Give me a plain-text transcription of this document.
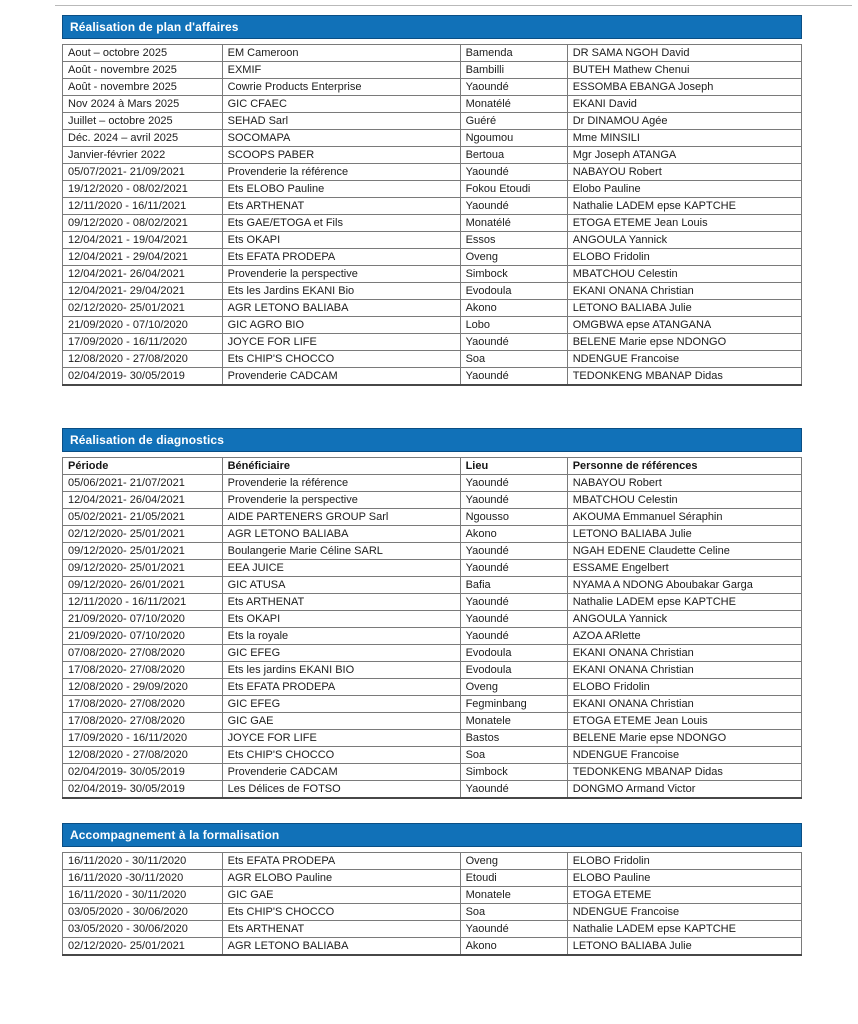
Réalisation de plan d'affaires
Aout – octobre 2025	EM Cameroon	Bamenda	DR SAMA NGOH David
Août - novembre 2025	EXMIF	Bambilli	BUTEH Mathew Chenui
Août - novembre 2025	Cowrie Products Enterprise	Yaoundé	ESSOMBA EBANGA Joseph
Nov 2024 à Mars 2025	GIC CFAEC	Monatélé	EKANI David
Juillet – octobre 2025	SEHAD Sarl	Guéré	Dr DINAMOU Agée
Déc. 2024 – avril 2025	SOCOMAPA	Ngoumou	Mme MINSILI
Janvier-février 2022	SCOOPS PABER	Bertoua	Mgr Joseph ATANGA
05/07/2021- 21/09/2021	Provenderie la référence	Yaoundé	NABAYOU Robert
19/12/2020 - 08/02/2021	Ets ELOBO Pauline	Fokou Etoudi	Elobo Pauline
12/11/2020 - 16/11/2021	Ets ARTHENAT	Yaoundé	Nathalie LADEM epse KAPTCHE
09/12/2020 - 08/02/2021	Ets GAE/ETOGA et Fils	Monatélé	ETOGA ETEME Jean Louis
12/04/2021 - 19/04/2021	Ets OKAPI	Essos	ANGOULA Yannick
12/04/2021 - 29/04/2021	Ets EFATA PRODEPA	Oveng	ELOBO Fridolin
12/04/2021- 26/04/2021	Provenderie la perspective	Simbock	MBATCHOU Celestin
12/04/2021- 29/04/2021	Ets les Jardins EKANI Bio	Evodoula	EKANI ONANA Christian
02/12/2020- 25/01/2021	AGR LETONO BALIABA	Akono	LETONO BALIABA Julie
21/09/2020 - 07/10/2020	GIC AGRO BIO	Lobo	OMGBWA epse ATANGANA
17/09/2020 - 16/11/2020	JOYCE FOR LIFE	Yaoundé	BELENE Marie epse NDONGO
12/08/2020 - 27/08/2020	Ets CHIP'S CHOCCO	Soa	NDENGUE Francoise
02/04/2019- 30/05/2019	Provenderie CADCAM	Yaoundé	TEDONKENG MBANAP Didas
Réalisation de diagnostics
Période	Bénéficiaire	Lieu	Personne de références
05/06/2021- 21/07/2021	Provenderie la référence	Yaoundé	NABAYOU Robert
12/04/2021- 26/04/2021	Provenderie la perspective	Yaoundé	MBATCHOU Celestin
05/02/2021- 21/05/2021	AIDE PARTENERS GROUP Sarl	Ngousso	AKOUMA Emmanuel Séraphin
02/12/2020- 25/01/2021	AGR LETONO BALIABA	Akono	LETONO BALIABA Julie
09/12/2020- 25/01/2021	Boulangerie Marie Céline SARL	Yaoundé	NGAH EDENE Claudette Celine
09/12/2020- 25/01/2021	EEA JUICE	Yaoundé	ESSAME Engelbert
09/12/2020- 26/01/2021	GIC ATUSA	Bafia	NYAMA A NDONG Aboubakar Garga
12/11/2020 - 16/11/2021	Ets ARTHENAT	Yaoundé	Nathalie LADEM epse KAPTCHE
21/09/2020- 07/10/2020	Ets OKAPI	Yaoundé	ANGOULA Yannick
21/09/2020- 07/10/2020	Ets la royale	Yaoundé	AZOA ARlette
07/08/2020- 27/08/2020	GIC EFEG	Evodoula	EKANI ONANA Christian
17/08/2020- 27/08/2020	Ets les jardins EKANI BIO	Evodoula	EKANI ONANA Christian
12/08/2020 - 29/09/2020	Ets EFATA PRODEPA	Oveng	ELOBO Fridolin
17/08/2020- 27/08/2020	GIC EFEG	Fegminbang	EKANI ONANA Christian
17/08/2020- 27/08/2020	GIC GAE	Monatele	ETOGA ETEME Jean Louis
17/09/2020 - 16/11/2020	JOYCE FOR LIFE	Bastos	BELENE Marie epse NDONGO
12/08/2020 - 27/08/2020	Ets CHIP'S CHOCCO	Soa	NDENGUE Francoise
02/04/2019- 30/05/2019	Provenderie CADCAM	Simbock	TEDONKENG MBANAP Didas
02/04/2019- 30/05/2019	Les Délices de FOTSO	Yaoundé	DONGMO Armand Victor
Accompagnement à la formalisation
16/11/2020 - 30/11/2020	Ets EFATA PRODEPA	Oveng	ELOBO Fridolin
16/11/2020 -30/11/2020	AGR ELOBO Pauline	Etoudi	ELOBO Pauline
16/11/2020 - 30/11/2020	GIC GAE	Monatele	ETOGA ETEME
03/05/2020 - 30/06/2020	Ets CHIP'S CHOCCO	Soa	NDENGUE Francoise
03/05/2020 - 30/06/2020	Ets ARTHENAT	Yaoundé	Nathalie LADEM epse KAPTCHE
02/12/2020- 25/01/2021	AGR LETONO BALIABA	Akono	LETONO BALIABA Julie
